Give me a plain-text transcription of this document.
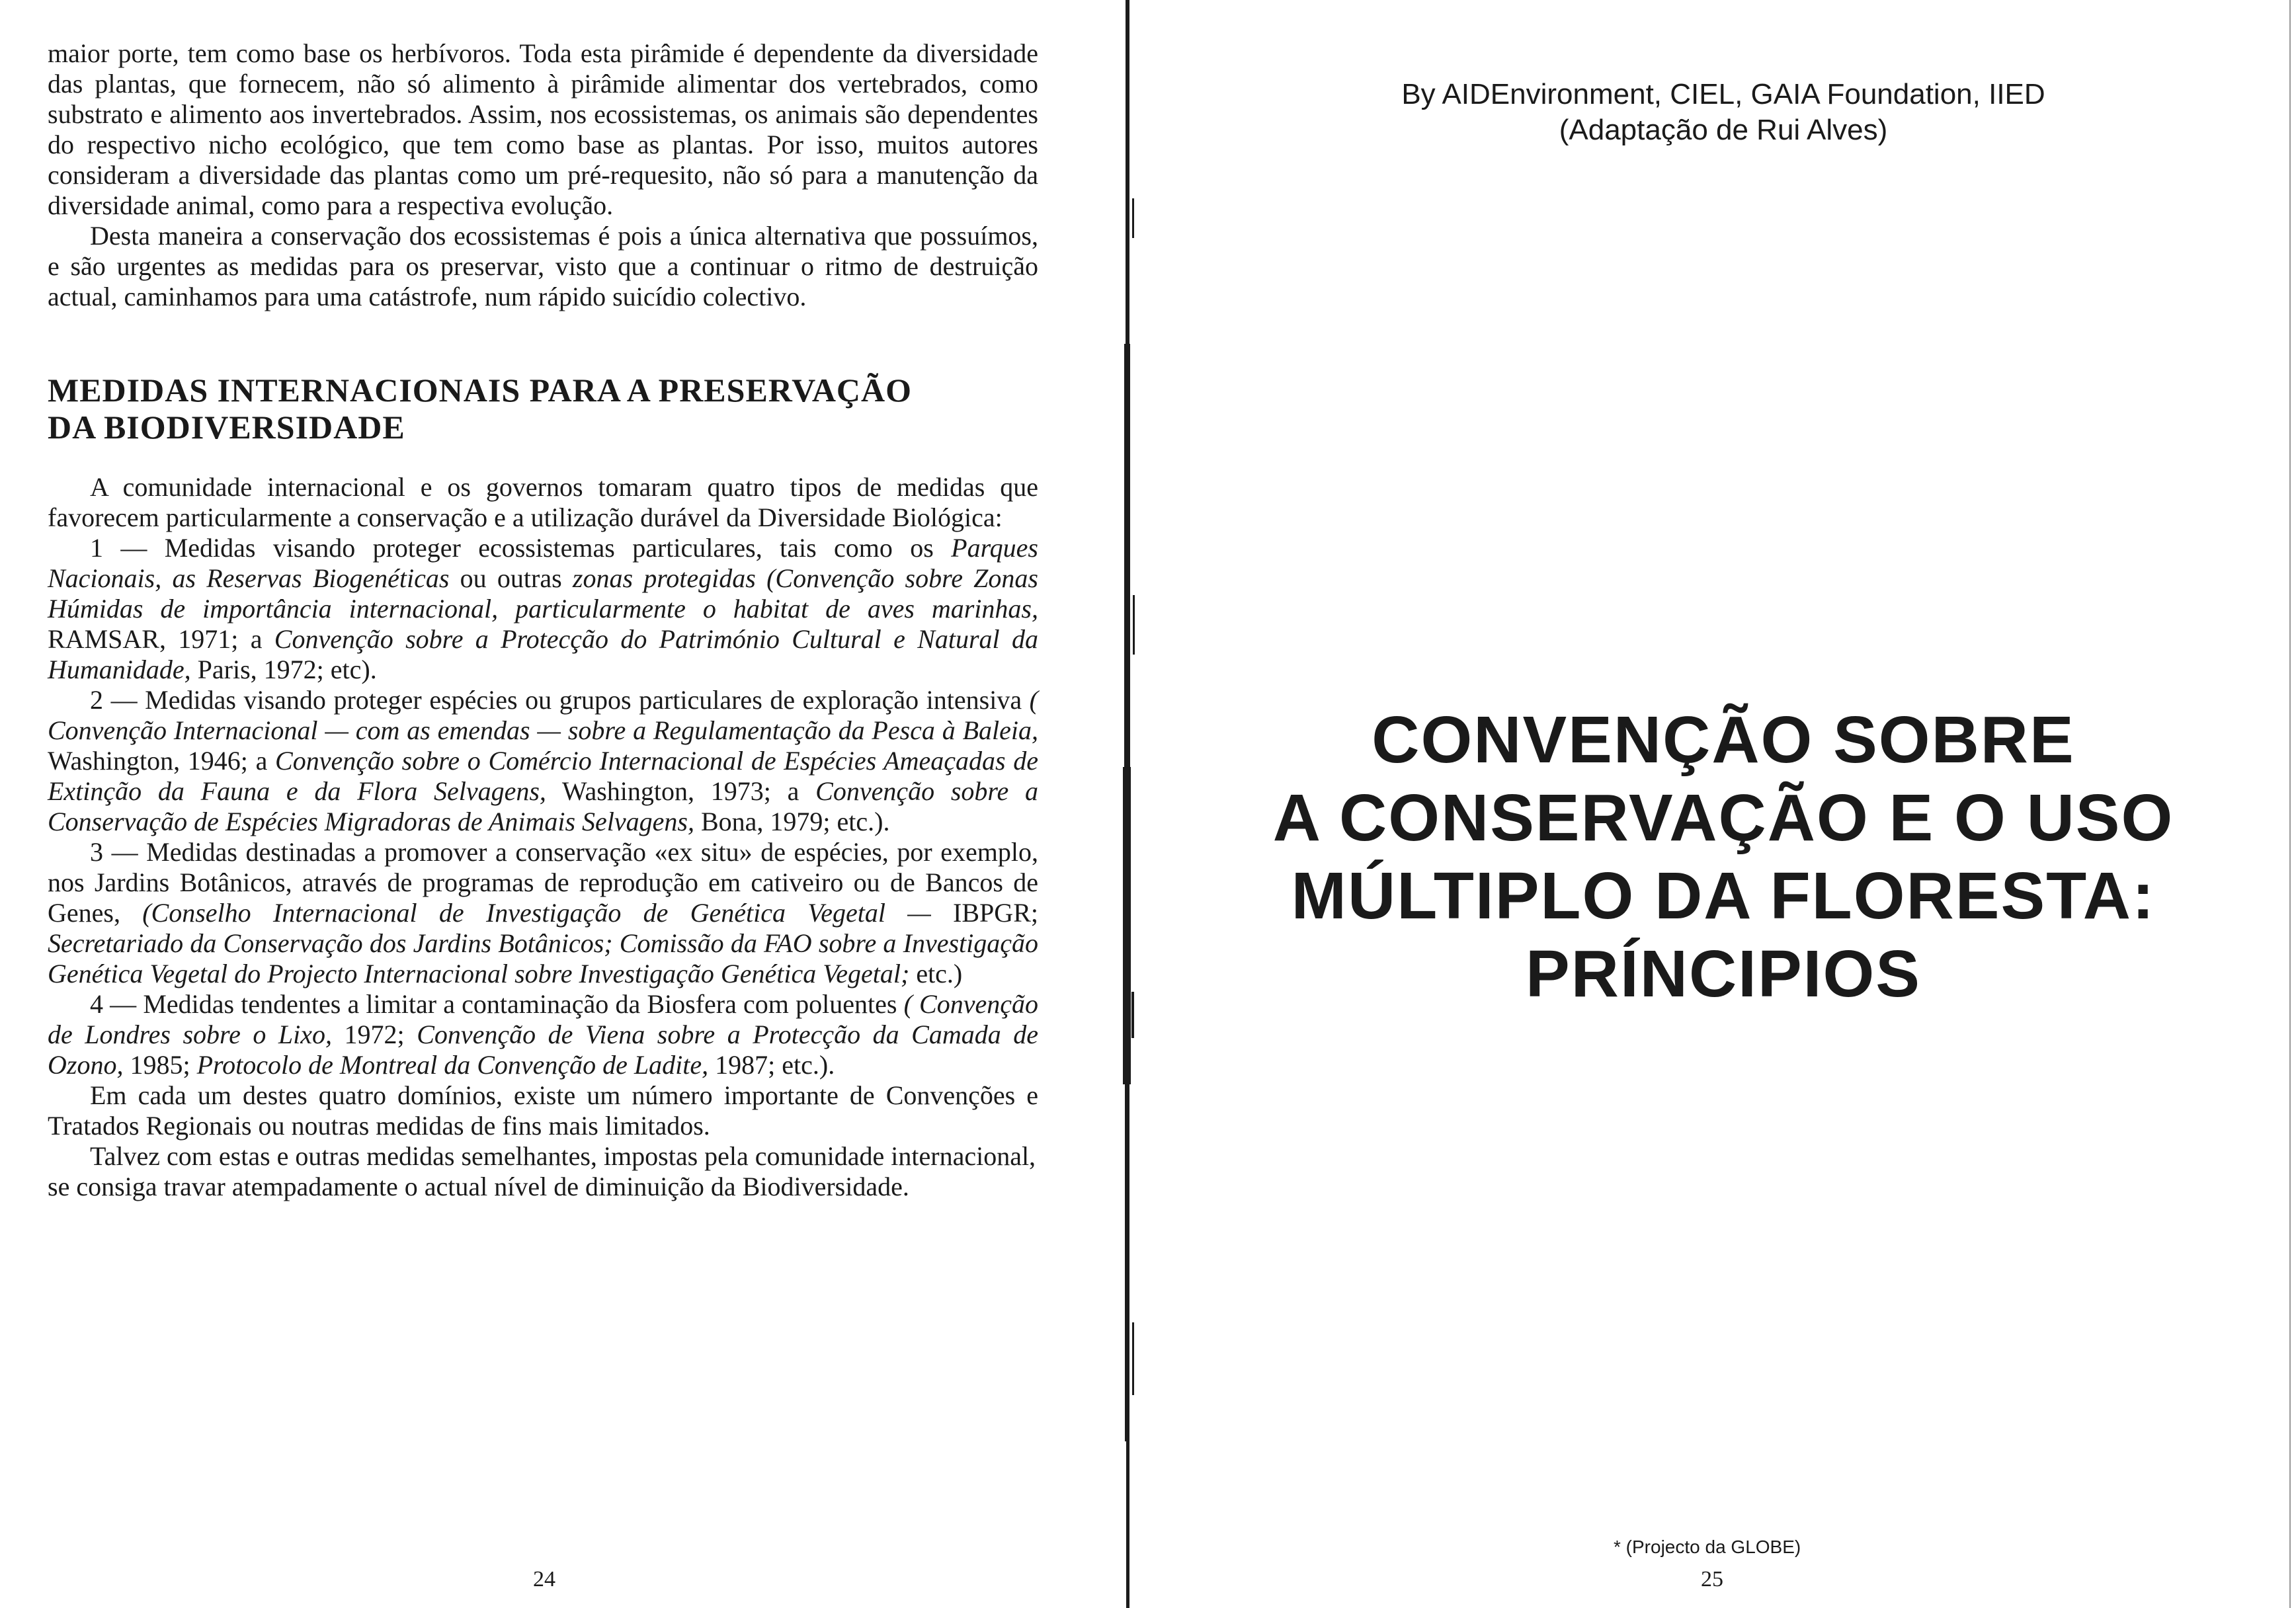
maior porte, tem como base os herbívoros. Toda esta pirâmide é dependente da diversidade das plantas, que fornecem, não só alimento à pirâmide alimentar dos vertebrados, como substrato e alimento aos invertebrados. Assim, nos ecossistemas, os animais são dependentes do respectivo nicho ecológico, que tem como base as plantas. Por isso, muitos autores consideram a diversidade das plantas como um pré-requesito, não só para a manutenção da diversidade animal, como para a respectiva evolução.

Desta maneira a conservação dos ecossistemas é pois a única alternativa que possuímos, e são urgentes as medidas para os preservar, visto que a continuar o ritmo de destruição actual, caminhamos para uma catástrofe, num rápido suicídio colectivo.

MEDIDAS INTERNACIONAIS PARA A PRESERVAÇÃO
DA BIODIVERSIDADE

A comunidade internacional e os governos tomaram quatro tipos de medidas que favorecem particularmente a conservação e a utilização durável da Diversidade Biológica:

1 — Medidas visando proteger ecossistemas particulares, tais como os Parques Nacionais, as Reservas Biogenéticas ou outras zonas protegidas (Convenção sobre Zonas Húmidas de importância internacional, particularmente o habitat de aves marinhas, RAMSAR, 1971; a Convenção sobre a Protecção do Património Cultural e Natural da Humanidade, Paris, 1972; etc).

2 — Medidas visando proteger espécies ou grupos particulares de exploração intensiva ( Convenção Internacional — com as emendas — sobre a Regulamentação da Pesca à Baleia, Washington, 1946; a Convenção sobre o Comércio Internacional de Espécies Ameaçadas de Extinção da Fauna e da Flora Selvagens, Washington, 1973; a Convenção sobre a Conservação de Espécies Migradoras de Animais Selvagens, Bona, 1979; etc.).

3 — Medidas destinadas a promover a conservação «ex situ» de espécies, por exemplo, nos Jardins Botânicos, através de programas de reprodução em cativeiro ou de Bancos de Genes, (Conselho Internacional de Investigação de Genética Vegetal — IBPGR; Secretariado da Conservação dos Jardins Botânicos; Comissão da FAO sobre a Investigação Genética Vegetal do Projecto Internacional sobre Investigação Genética Vegetal; etc.)

4 — Medidas tendentes a limitar a contaminação da Biosfera com poluentes ( Convenção de Londres sobre o Lixo, 1972; Convenção de Viena sobre a Protecção da Camada de Ozono, 1985; Protocolo de Montreal da Convenção de Ladite, 1987; etc.).

Em cada um destes quatro domínios, existe um número importante de Convenções e Tratados Regionais ou noutras medidas de fins mais limitados.

Talvez com estas e outras medidas semelhantes, impostas pela comunidade internacional,

se consiga travar atempadamente o actual nível de diminuição da Biodiversidade.

24
By AIDEnvironment, CIEL, GAIA Foundation, IIED
(Adaptação de Rui Alves)
CONVENÇÃO SOBRE
A CONSERVAÇÃO E O USO
MÚLTIPLO DA FLORESTA:
PRÍNCIPIOS
* (Projecto da GLOBE)
25
